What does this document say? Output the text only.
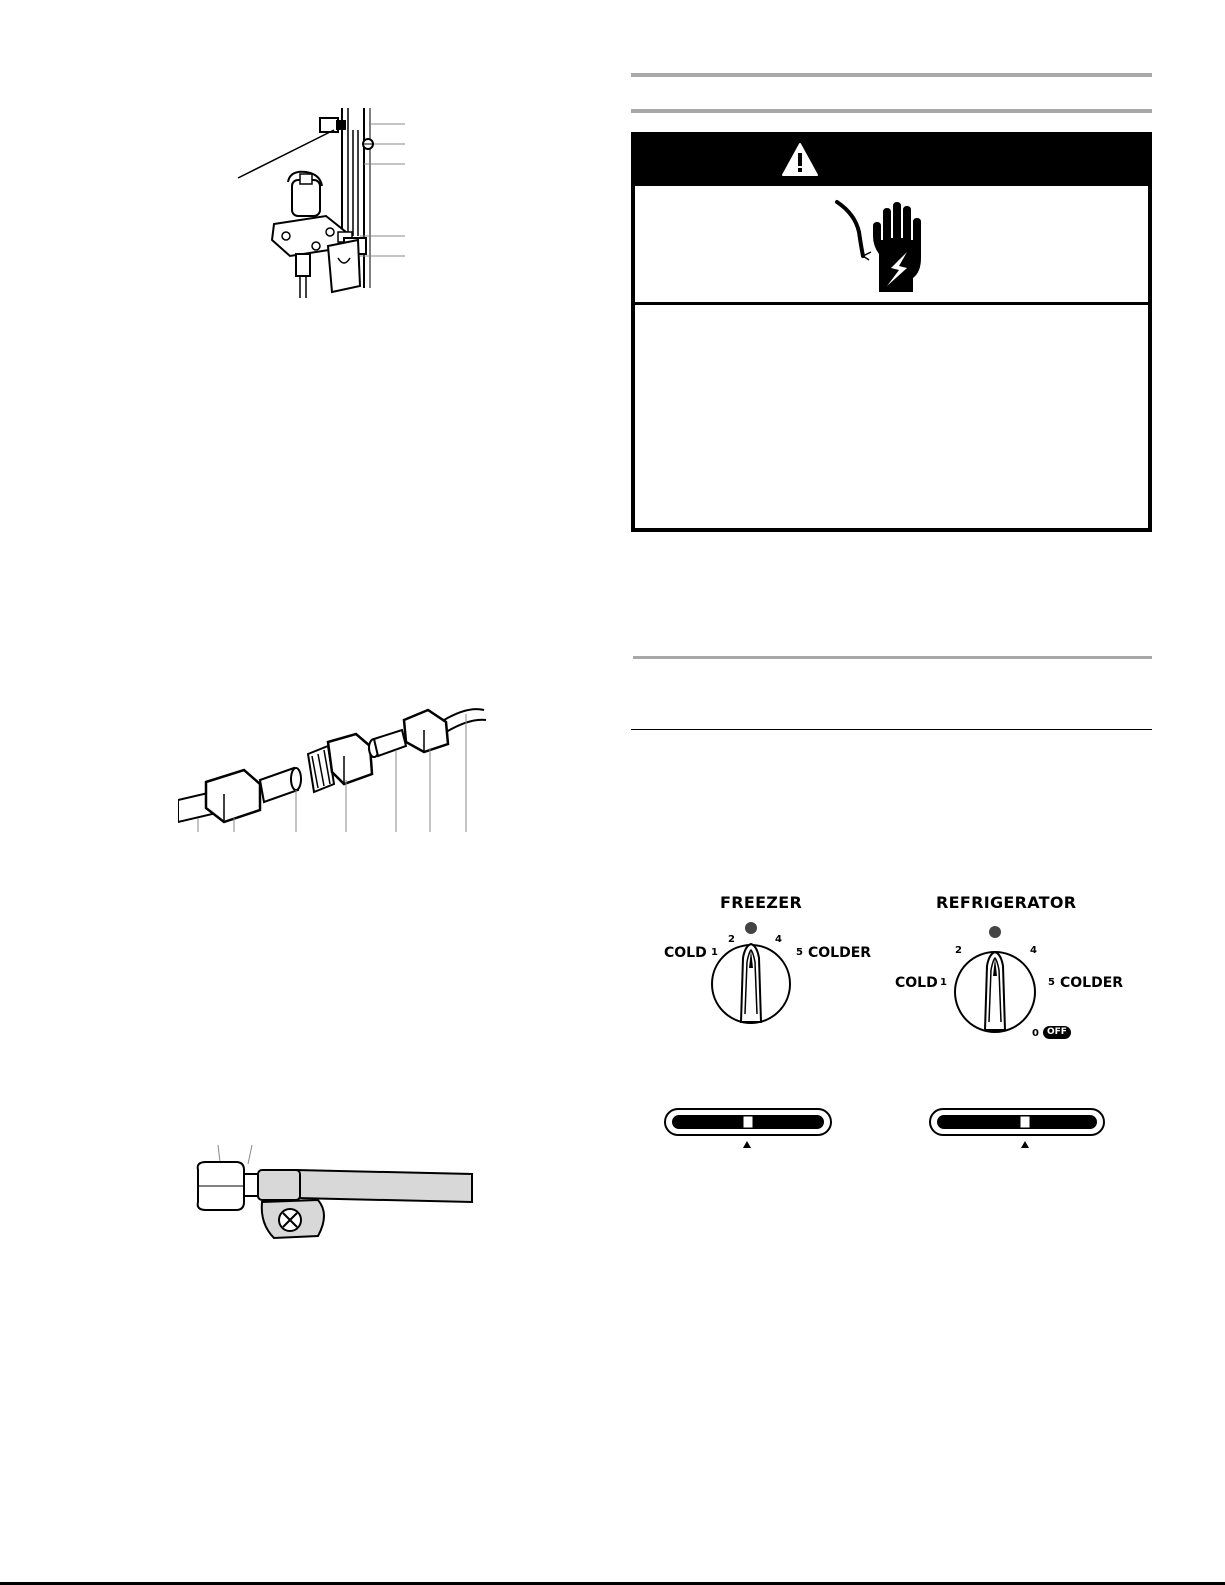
FREEZER
COLD 1
2	4
5 COLDER
REFRIGERATOR
COLD 1
2	4
5 COLDER
0 OFF
